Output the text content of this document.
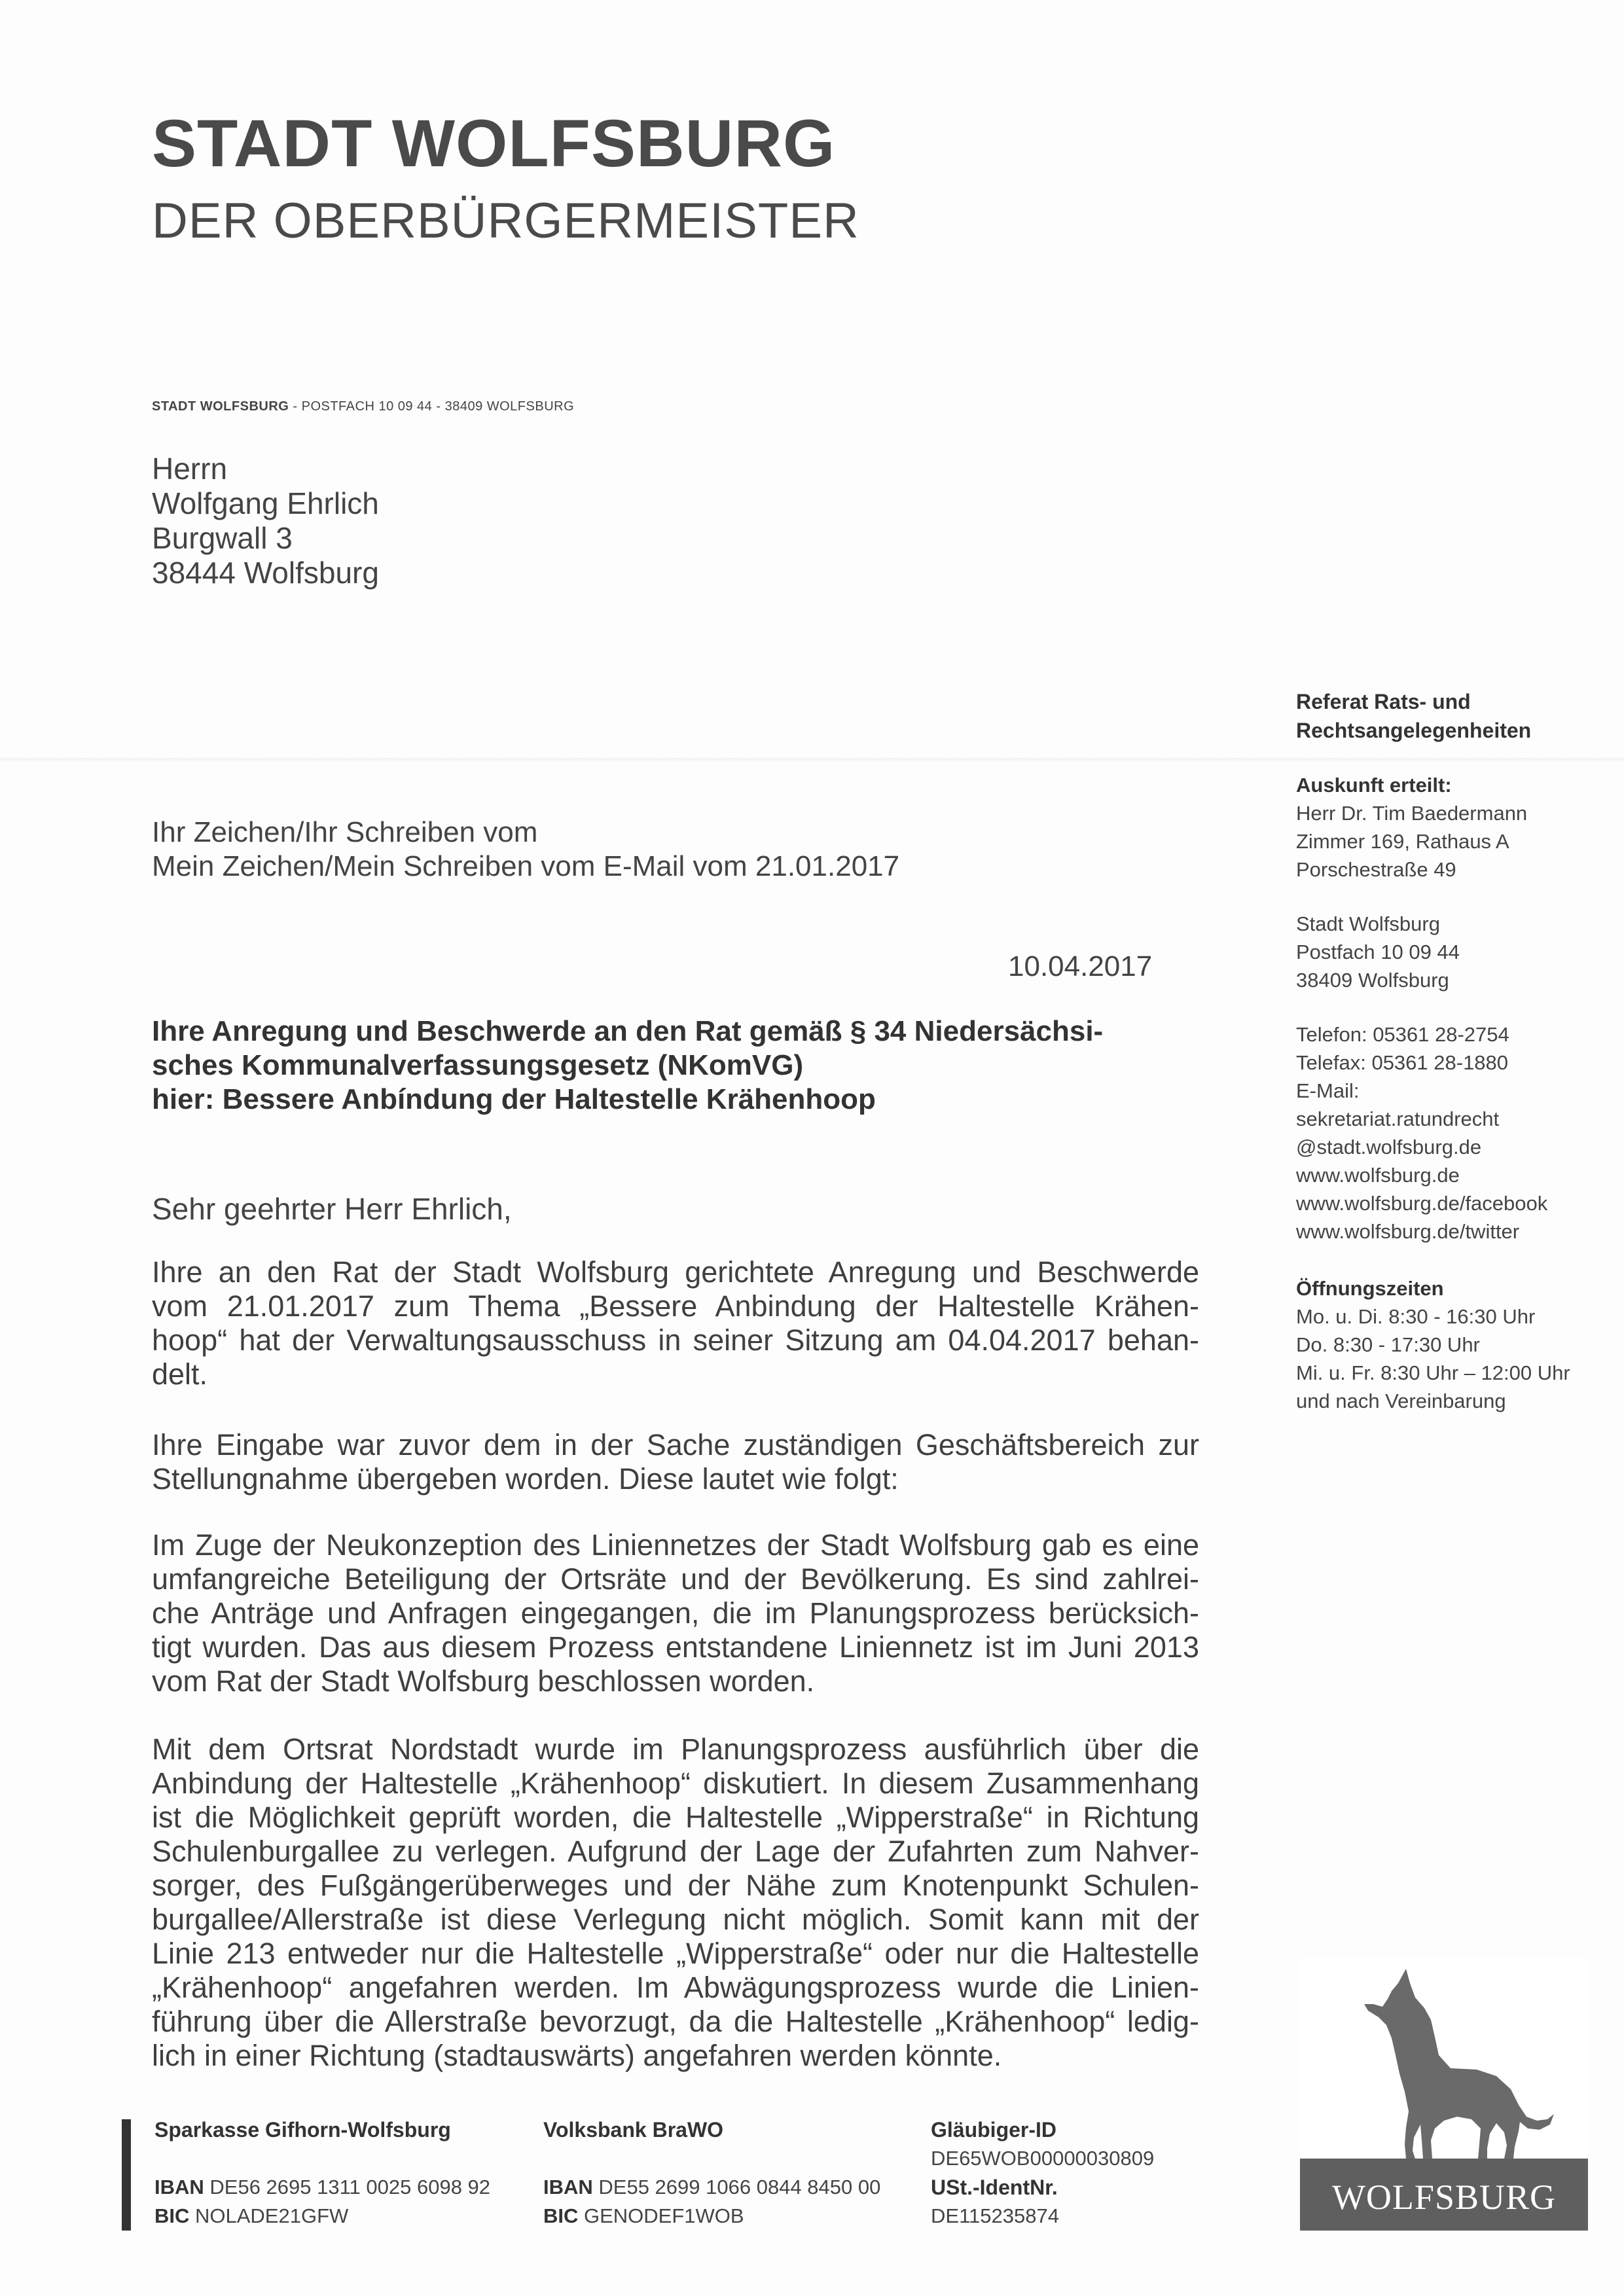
STADT WOLFSBURG
DER OBERBÜRGERMEISTER
STADT WOLFSBURG - POSTFACH 10 09 44 - 38409 WOLFSBURG
Herrn
Wolfgang Ehrlich
Burgwall 3
38444 Wolfsburg
Ihr Zeichen/Ihr Schreiben vom
Mein Zeichen/Mein Schreiben vom E-Mail vom 21.01.2017
10.04.2017
Ihre Anregung und Beschwerde an den Rat gemäß § 34 Niedersächsi-
sches Kommunalverfassungsgesetz (NKomVG)
hier: Bessere Anbíndung der Haltestelle Krähenhoop
Sehr geehrter Herr Ehrlich,
Ihre an den Rat der Stadt Wolfsburg gerichtete Anregung und Beschwerde
vom 21.01.2017 zum Thema „Bessere Anbindung der Haltestelle Krähen-
hoop“ hat der Verwaltungsausschuss in seiner Sitzung am 04.04.2017 behan-
delt.
Ihre Eingabe war zuvor dem in der Sache zuständigen Geschäftsbereich zur
Stellungnahme übergeben worden. Diese lautet wie folgt:
Im Zuge der Neukonzeption des Liniennetzes der Stadt Wolfsburg gab es eine
umfangreiche Beteiligung der Ortsräte und der Bevölkerung. Es sind zahlrei-
che Anträge und Anfragen eingegangen, die im Planungsprozess berücksich-
tigt wurden. Das aus diesem Prozess entstandene Liniennetz ist im Juni 2013
vom Rat der Stadt Wolfsburg beschlossen worden.
Mit dem Ortsrat Nordstadt wurde im Planungsprozess ausführlich über die
Anbindung der Haltestelle „Krähenhoop“ diskutiert. In diesem Zusammenhang
ist die Möglichkeit geprüft worden, die Haltestelle „Wipperstraße“ in Richtung
Schulenburgallee zu verlegen. Aufgrund der Lage der Zufahrten zum Nahver-
sorger, des Fußgängerüberweges und der Nähe zum Knotenpunkt Schulen-
burgallee/Allerstraße ist diese Verlegung nicht möglich. Somit kann mit der
Linie 213 entweder nur die Haltestelle „Wipperstraße“ oder nur die Haltestelle
„Krähenhoop“ angefahren werden. Im Abwägungsprozess wurde die Linien-
führung über die Allerstraße bevorzugt, da die Haltestelle „Krähenhoop“ ledig-
lich in einer Richtung (stadtauswärts) angefahren werden könnte.
Referat Rats- und
Rechtsangelegenheiten
Auskunft erteilt:
Herr Dr. Tim Baedermann
Zimmer 169, Rathaus A
Porschestraße 49
Stadt Wolfsburg
Postfach 10 09 44
38409 Wolfsburg
Telefon: 05361 28-2754
Telefax: 05361 28-1880
E-Mail:
sekretariat.ratundrecht
@stadt.wolfsburg.de
www.wolfsburg.de
www.wolfsburg.de/facebook
www.wolfsburg.de/twitter
Öffnungszeiten
Mo. u. Di. 8:30 - 16:30 Uhr
Do. 8:30 - 17:30 Uhr
Mi. u. Fr. 8:30 Uhr – 12:00 Uhr
und nach Vereinbarung
Sparkasse Gifhorn-Wolfsburg
IBAN DE56 2695 1311 0025 6098 92
BIC NOLADE21GFW
Volksbank BraWO
IBAN DE55 2699 1066 0844 8450 00
BIC GENODEF1WOB
Gläubiger-ID
DE65WOB00000030809
USt.-IdentNr.
DE115235874	WOLFSBURG
